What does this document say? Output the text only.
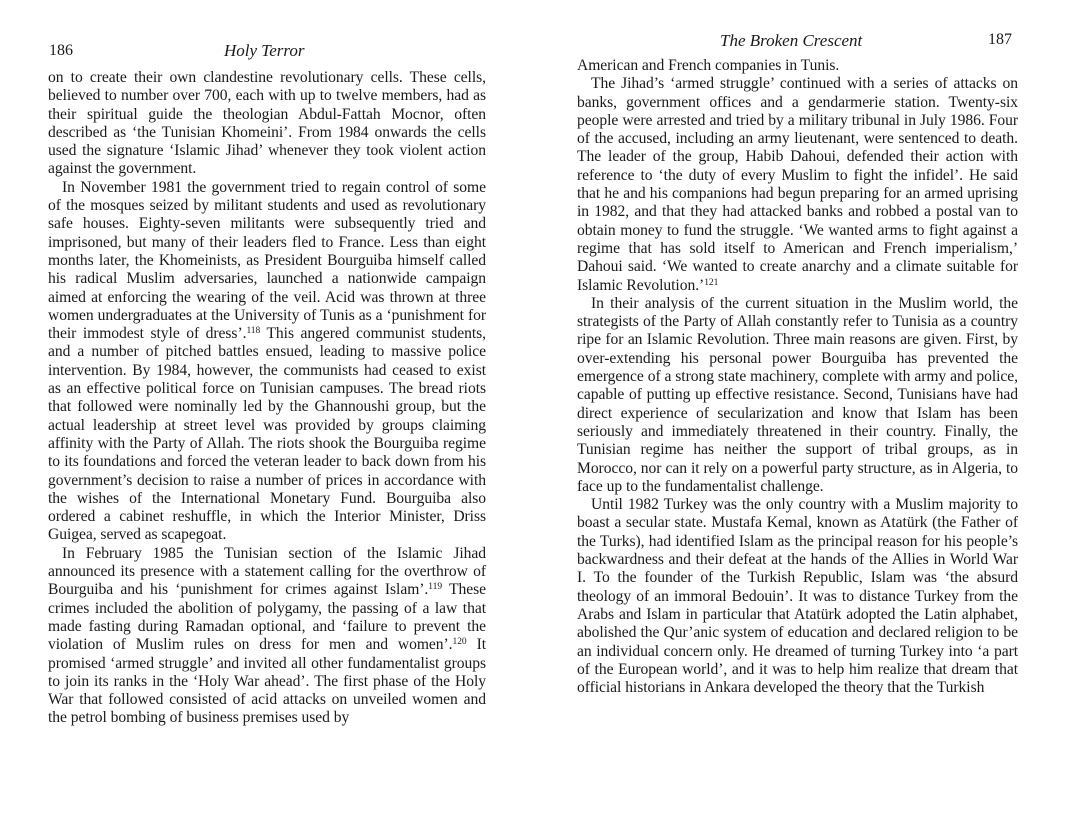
186	Holy Terror

on to create their own clandestine revolutionary cells. These cells, believed to number over 700, each with up to twelve members, had as their spiritual guide the theologian Abdul-Fattah Mocnor, often described as ‘the Tunisian Khomeini’. From 1984 onwards the cells used the signature ‘Islamic Jihad’ whenever they took violent action against the government.

In November 1981 the government tried to regain control of some of the mosques seized by militant students and used as revolutionary safe houses. Eighty-seven militants were subsequently tried and imprisoned, but many of their leaders fled to France. Less than eight months later, the Khomeinists, as President Bourguiba himself called his radical Muslim adversaries, launched a nationwide campaign aimed at enforcing the wearing of the veil. Acid was thrown at three women undergraduates at the University of Tunis as a ‘punishment for their immodest style of dress’.$^{118}$ This angered communist students, and a number of pitched battles ensued, leading to massive police intervention. By 1984, however, the communists had ceased to exist as an effective political force on Tunisian campuses. The bread riots that followed were nominally led by the Ghannoushi group, but the actual leadership at street level was provided by groups claiming affinity with the Party of Allah. The riots shook the Bourguiba regime to its foundations and forced the veteran leader to back down from his government’s decision to raise a number of prices in accordance with the wishes of the International Monetary Fund. Bourguiba also ordered a cabinet reshuffle, in which the Interior Minister, Driss Guigea, served as scapegoat.

In February 1985 the Tunisian section of the Islamic Jihad announced its presence with a statement calling for the overthrow of Bourguiba and his ‘punishment for crimes against Islam’.$^{119}$ These crimes included the abolition of polygamy, the passing of a law that made fasting during Ramadan optional, and ‘failure to prevent the violation of Muslim rules on dress for men and women’.$^{120}$ It promised ‘armed struggle’ and invited all other fundamentalist groups to join its ranks in the ‘Holy War ahead’. The first phase of the Holy War that followed consisted of acid attacks on unveiled women and the petrol bombing of business premises used by

The Broken Crescent	187

American and French companies in Tunis.

The Jihad’s ‘armed struggle’ continued with a series of attacks on banks, government offices and a gendarmerie station. Twenty-six people were arrested and tried by a military tribunal in July 1986. Four of the accused, including an army lieutenant, were sentenced to death. The leader of the group, Habib Dahoui, defended their action with reference to ‘the duty of every Muslim to fight the infidel’. He said that he and his companions had begun preparing for an armed uprising in 1982, and that they had attacked banks and robbed a postal van to obtain money to fund the struggle. ‘We wanted arms to fight against a regime that has sold itself to American and French imperialism,’ Dahoui said. ‘We wanted to create anarchy and a climate suitable for Islamic Revolution.’$^{121}$

In their analysis of the current situation in the Muslim world, the strategists of the Party of Allah constantly refer to Tunisia as a country ripe for an Islamic Revolution. Three main reasons are given. First, by over-extending his personal power Bourguiba has prevented the emergence of a strong state machinery, complete with army and police, capable of putting up effective resistance. Second, Tunisians have had direct experience of secularization and know that Islam has been seriously and immediately threatened in their country. Finally, the Tunisian regime has neither the support of tribal groups, as in Morocco, nor can it rely on a powerful party structure, as in Algeria, to face up to the fundamentalist challenge.

Until 1982 Turkey was the only country with a Muslim majority to boast a secular state. Mustafa Kemal, known as Atatürk (the Father of the Turks), had identified Islam as the principal reason for his people’s backwardness and their defeat at the hands of the Allies in World War I. To the founder of the Turkish Republic, Islam was ‘the absurd theology of an immoral Bedouin’. It was to distance Turkey from the Arabs and Islam in particular that Atatürk adopted the Latin alphabet, abolished the Qur’anic system of education and declared religion to be an individual concern only. He dreamed of turning Turkey into ‘a part of the European world’, and it was to help him realize that dream that official historians in Ankara developed the theory that the Turkish
